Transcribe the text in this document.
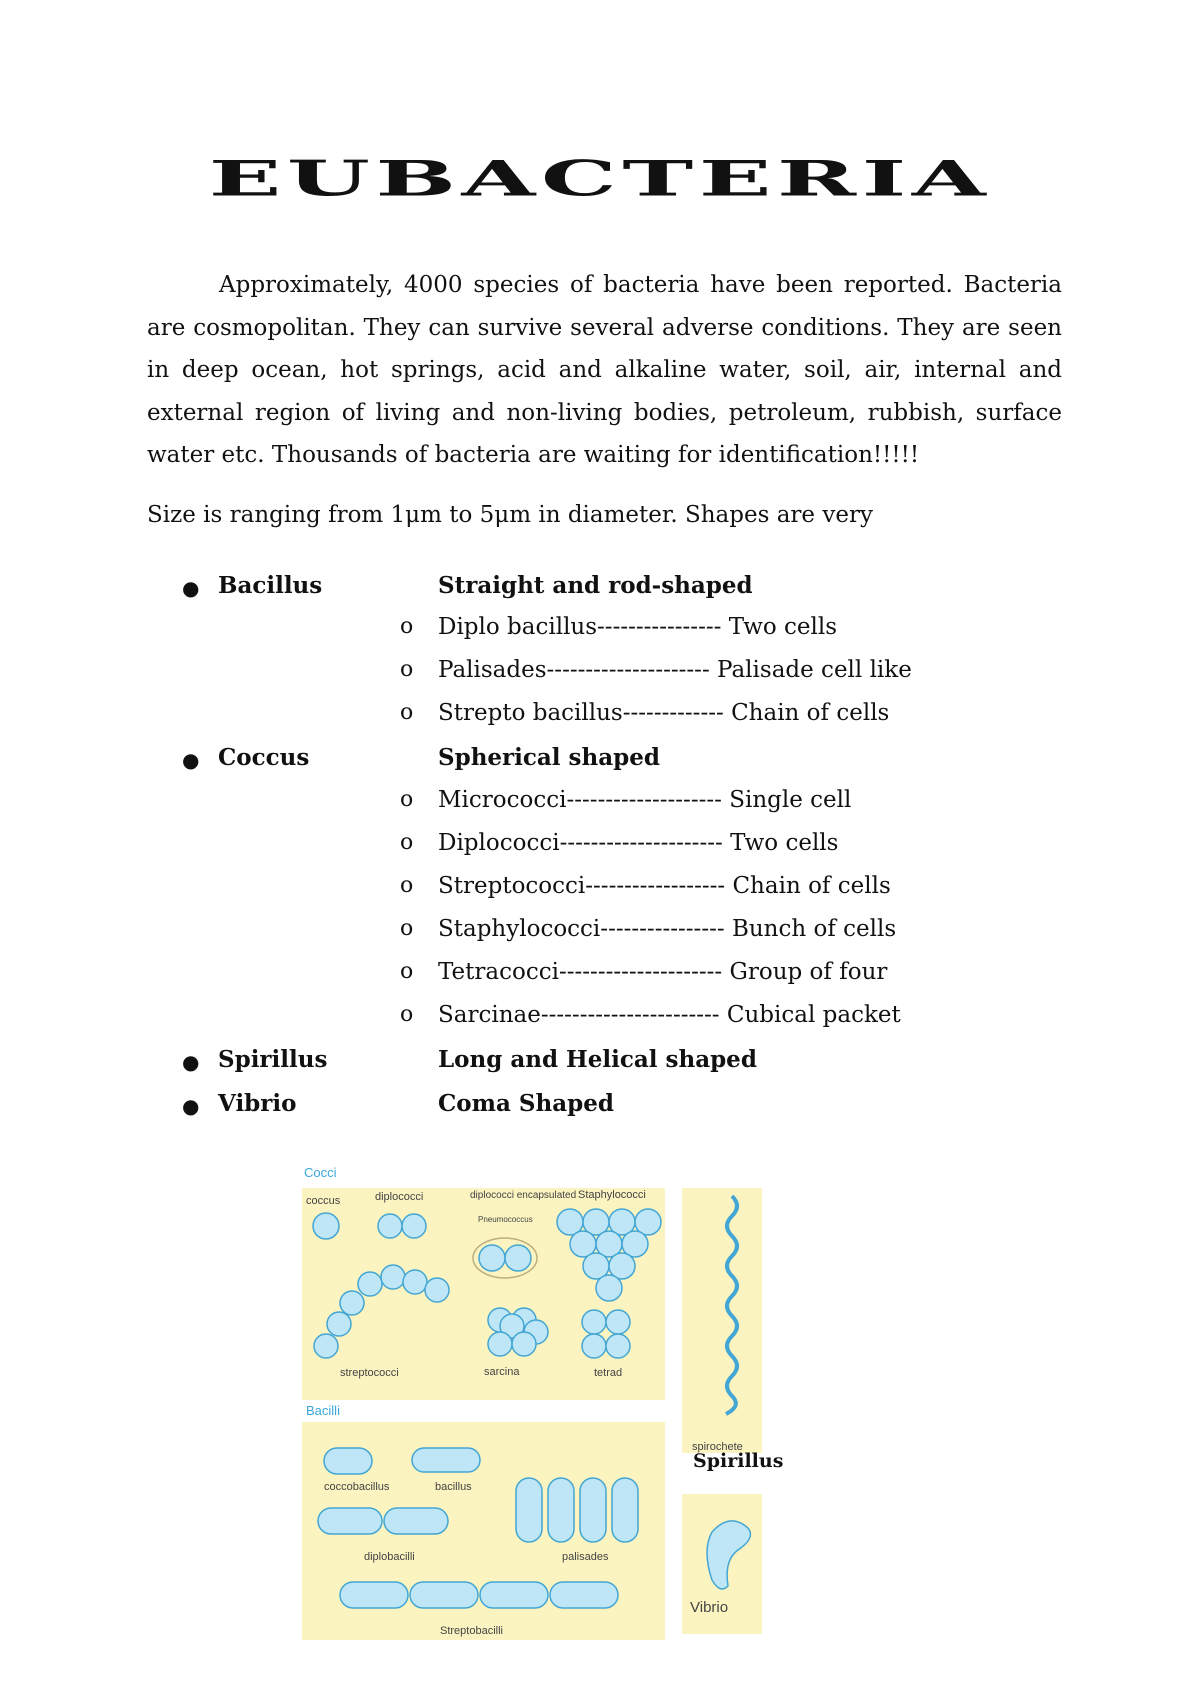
EUBACTERIA
Approximately, 4000 species of bacteria have been reported. Bacteria are cosmopolitan. They can survive several adverse conditions. They are seen in deep ocean, hot springs, acid and alkaline water, soil, air, internal and external region of living and non-living bodies, petroleum, rubbish, surface water etc. Thousands of bacteria are waiting for identification!!!!!
Size is ranging from 1μm to 5μm in diameter. Shapes are very
● Bacillus	Straight and rod-shaped
o Diplo bacillus---------------- Two cells
o Palisades--------------------- Palisade cell like
o Strepto bacillus------------- Chain of cells
● Coccus	Spherical shaped
o Micrococci-------------------- Single cell
o Diplococci--------------------- Two cells
o Streptococci------------------ Chain of cells
o Staphylococci---------------- Bunch of cells
o Tetracocci--------------------- Group of four
o Sarcinae----------------------- Cubical packet
● Spirillus	Long and Helical shaped
● Vibrio	Coma Shaped
Cocci
coccus	diplococci	diplococci encapsulated
Pneumococcus
Staphylococci
streptococci	sarcina	tetrad
spirochete
Bacilli
coccobacillus	bacillus
diplobacilli	palisades
Streptobacilli
Vibrio
Spirillus
